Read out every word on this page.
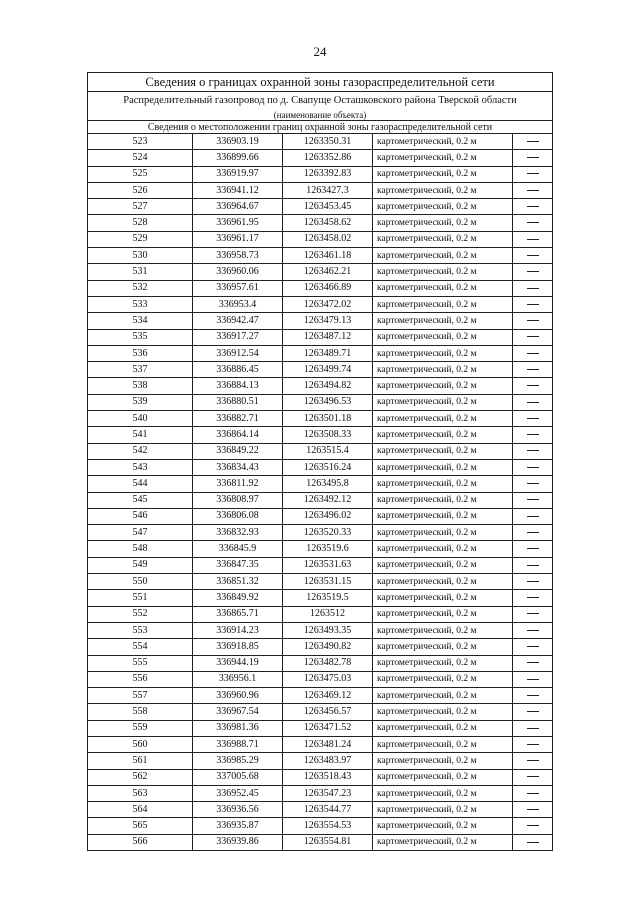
24
Сведения о границах охранной зоны газораспределительной сети				
Распределительный газопровод по д. Свапуще Осташковского района Тверской области				
(наименование объекта)				
Сведения о местоположении границ охранной зоны газораспределительной сети				
523	336903.19	1263350.31	картометрический, 0.2 м	
524	336899.66	1263352.86	картометрический, 0.2 м	
525	336919.97	1263392.83	картометрический, 0.2 м	
526	336941.12	1263427.3	картометрический, 0.2 м	
527	336964.67	1263453.45	картометрический, 0.2 м	
528	336961.95	1263458.62	картометрический, 0.2 м	
529	336961.17	1263458.02	картометрический, 0.2 м	
530	336958.73	1263461.18	картометрический, 0.2 м	
531	336960.06	1263462.21	картометрический, 0.2 м	
532	336957.61	1263466.89	картометрический, 0.2 м	
533	336953.4	1263472.02	картометрический, 0.2 м	
534	336942.47	1263479.13	картометрический, 0.2 м	
535	336917.27	1263487.12	картометрический, 0.2 м	
536	336912.54	1263489.71	картометрический, 0.2 м	
537	336886.45	1263499.74	картометрический, 0.2 м	
538	336884.13	1263494.82	картометрический, 0.2 м	
539	336880.51	1263496.53	картометрический, 0.2 м	
540	336882.71	1263501.18	картометрический, 0.2 м	
541	336864.14	1263508.33	картометрический, 0.2 м	
542	336849.22	1263515.4	картометрический, 0.2 м	
543	336834.43	1263516.24	картометрический, 0.2 м	
544	336811.92	1263495.8	картометрический, 0.2 м	
545	336808.97	1263492.12	картометрический, 0.2 м	
546	336806.08	1263496.02	картометрический, 0.2 м	
547	336832.93	1263520.33	картометрический, 0.2 м	
548	336845.9	1263519.6	картометрический, 0.2 м	
549	336847.35	1263531.63	картометрический, 0.2 м	
550	336851.32	1263531.15	картометрический, 0.2 м	
551	336849.92	1263519.5	картометрический, 0.2 м	
552	336865.71	1263512	картометрический, 0.2 м	
553	336914.23	1263493.35	картометрический, 0.2 м	
554	336918.85	1263490.82	картометрический, 0.2 м	
555	336944.19	1263482.78	картометрический, 0.2 м	
556	336956.1	1263475.03	картометрический, 0.2 м	
557	336960.96	1263469.12	картометрический, 0.2 м	
558	336967.54	1263456.57	картометрический, 0.2 м	
559	336981.36	1263471.52	картометрический, 0.2 м	
560	336988.71	1263481.24	картометрический, 0.2 м	
561	336985.29	1263483.97	картометрический, 0.2 м	
562	337005.68	1263518.43	картометрический, 0.2 м	
563	336952.45	1263547.23	картометрический, 0.2 м	
564	336936.56	1263544.77	картометрический, 0.2 м	
565	336935.87	1263554.53	картометрический, 0.2 м	
566	336939.86	1263554.81	картометрический, 0.2 м	
